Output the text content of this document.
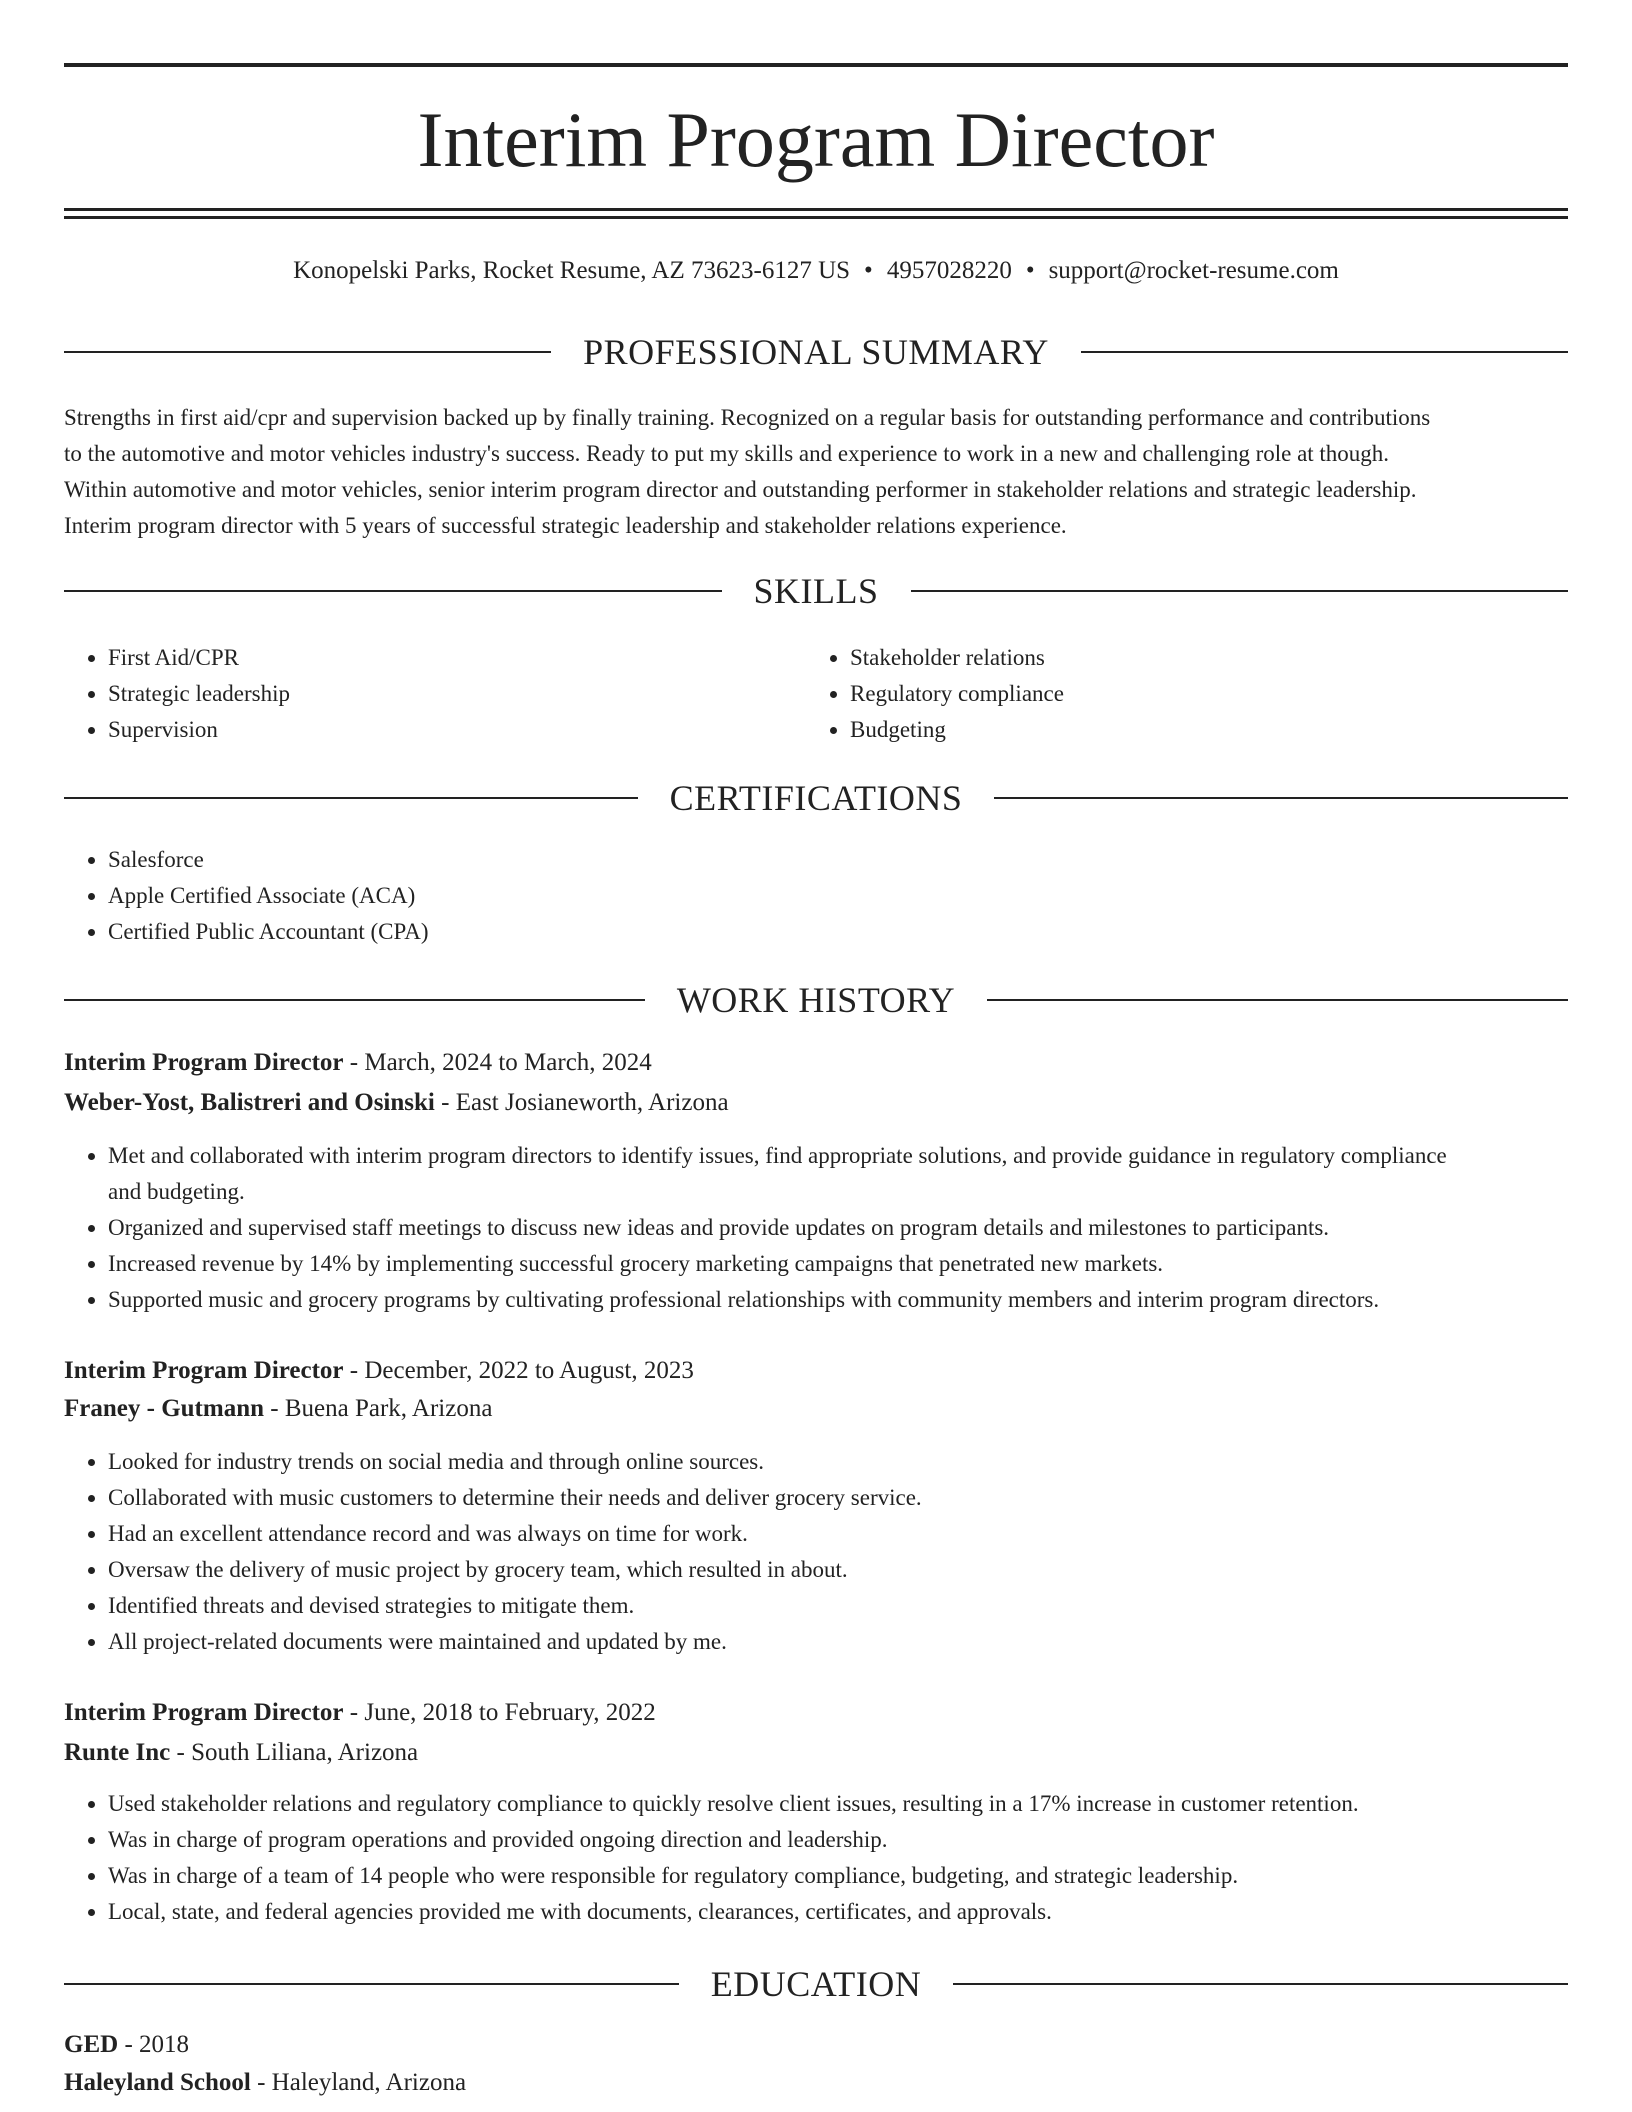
Interim Program Director
Konopelski Parks, Rocket Resume, AZ 73623-6127 US • 4957028220 • support@rocket-resume.com
PROFESSIONAL SUMMARY

Strengths in first aid/cpr and supervision backed up by finally training. Recognized on a regular basis for outstanding performance and contributions

to the automotive and motor vehicles industry's success. Ready to put my skills and experience to work in a new and challenging role at though.

Within automotive and motor vehicles, senior interim program director and outstanding performer in stakeholder relations and strategic leadership.

Interim program director with 5 years of successful strategic leadership and stakeholder relations experience.

SKILLS
• First Aid/CPR
• Strategic leadership
• Supervision
• Stakeholder relations
• Regulatory compliance
• Budgeting
CERTIFICATIONS
• Salesforce
• Apple Certified Associate (ACA)
• Certified Public Accountant (CPA)
WORK HISTORY
Interim Program Director - March, 2024 to March, 2024
Weber-Yost, Balistreri and Osinski - East Josianeworth, Arizona
• Met and collaborated with interim program directors to identify issues, find appropriate solutions, and provide guidance in regulatory compliance
and budgeting.
• Organized and supervised staff meetings to discuss new ideas and provide updates on program details and milestones to participants.
• Increased revenue by 14% by implementing successful grocery marketing campaigns that penetrated new markets.
• Supported music and grocery programs by cultivating professional relationships with community members and interim program directors.
Interim Program Director - December, 2022 to August, 2023
Franey - Gutmann - Buena Park, Arizona
• Looked for industry trends on social media and through online sources.
• Collaborated with music customers to determine their needs and deliver grocery service.
• Had an excellent attendance record and was always on time for work.
• Oversaw the delivery of music project by grocery team, which resulted in about.
• Identified threats and devised strategies to mitigate them.
• All project-related documents were maintained and updated by me.
Interim Program Director - June, 2018 to February, 2022
Runte Inc - South Liliana, Arizona
• Used stakeholder relations and regulatory compliance to quickly resolve client issues, resulting in a 17% increase in customer retention.
• Was in charge of program operations and provided ongoing direction and leadership.
• Was in charge of a team of 14 people who were responsible for regulatory compliance, budgeting, and strategic leadership.
• Local, state, and federal agencies provided me with documents, clearances, certificates, and approvals.
EDUCATION
GED - 2018
Haleyland School - Haleyland, Arizona
